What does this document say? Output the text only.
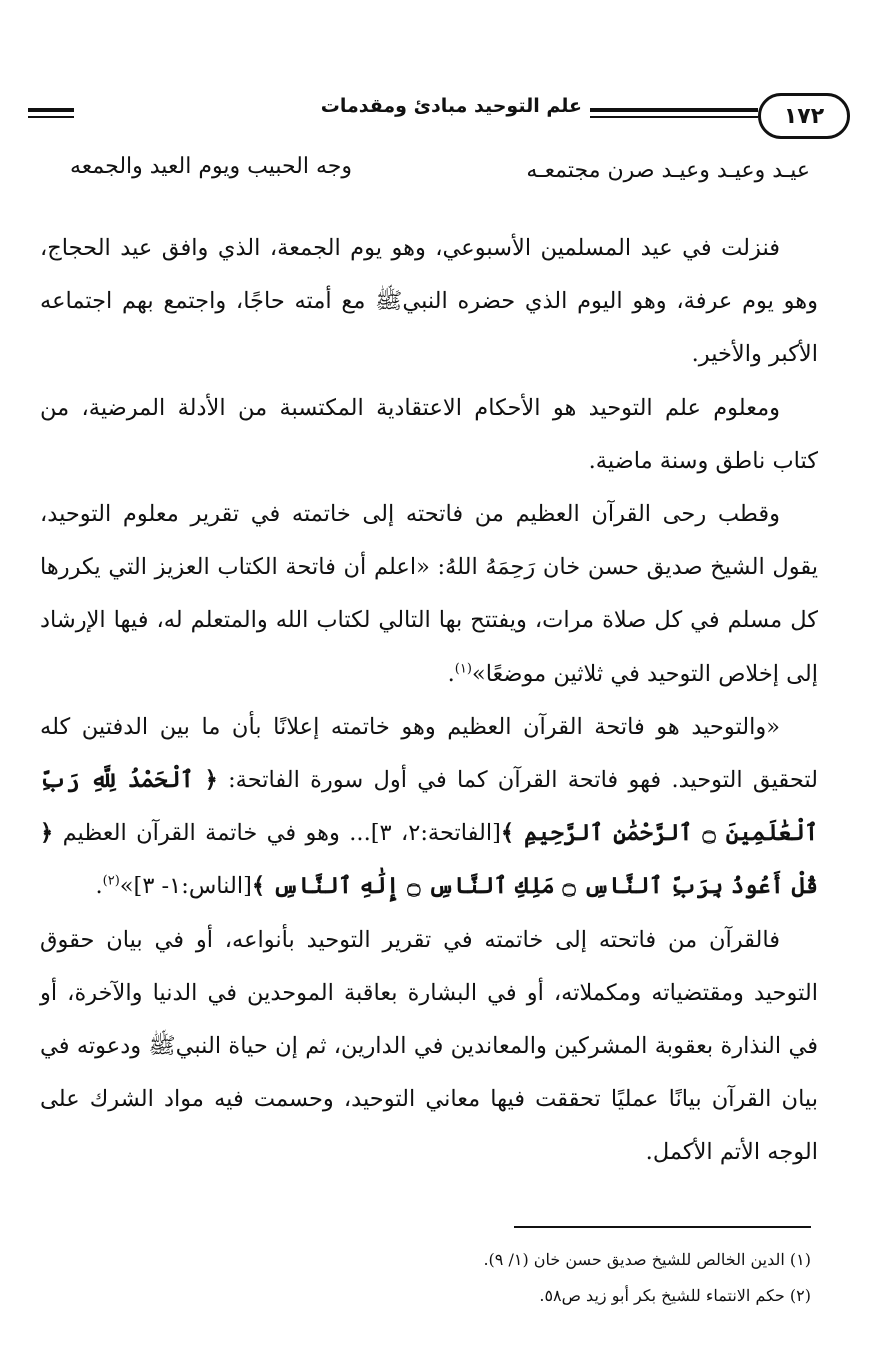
١٧٢
علم التوحيد مبادئ ومقدمات
عيـد وعيـد وعيـد صرن مجتمعـه
وجه الحبيب ويوم العيد والجمعه

فنزلت في عيد المسلمين الأسبوعي، وهو يوم الجمعة، الذي وافق عيد الحجاج، وهو يوم عرفة، وهو اليوم الذي حضره النبيﷺ مع أمته حاجًا، واجتمع بهم اجتماعه الأكبر والأخير.

ومعلوم علم التوحيد هو الأحكام الاعتقادية المكتسبة من الأدلة المرضية، من كتاب ناطق وسنة ماضية.

وقطب رحى القرآن العظيم من فاتحته إلى خاتمته في تقرير معلوم التوحيد، يقول الشيخ صديق حسن خان رَحِمَهُ اللهُ: «اعلم أن فاتحة الكتاب العزيز التي يكررها كل مسلم في كل صلاة مرات، ويفتتح بها التالي لكتاب الله والمتعلم له، فيها الإرشاد إلى إخلاص التوحيد في ثلاثين موضعًا»$^{(١)}$.

«والتوحيد هو فاتحة القرآن العظيم وهو خاتمته إعلانًا بأن ما بين الدفتين كله لتحقيق التوحيد. فهو فاتحة القرآن كما في أول سورة الفاتحة: ﴿ ٱلْحَمْدُ لِلَّهِ رَبِّ ٱلْعَٰلَمِينَ ۝ ٱلرَّحْمَٰنِ ٱلرَّحِيمِ ﴾[الفاتحة:٢، ٣]... وهو في خاتمة القرآن العظيم ﴿ قُلْ أَعُوذُ بِرَبِّ ٱلنَّاسِ ۝ مَلِكِ ٱلنَّاسِ ۝ إِلَٰهِ ٱلنَّاسِ ﴾[الناس:١- ٣]»$^{(٢)}$.

فالقرآن من فاتحته إلى خاتمته في تقرير التوحيد بأنواعه، أو في بيان حقوق التوحيد ومقتضياته ومكملاته، أو في البشارة بعاقبة الموحدين في الدنيا والآخرة، أو في النذارة بعقوبة المشركين والمعاندين في الدارين، ثم إن حياة النبيﷺ ودعوته في بيان القرآن بيانًا عمليًا تحققت فيها معاني التوحيد، وحسمت فيه مواد الشرك على الوجه الأتم الأكمل.

(١) الدين الخالص للشيخ صديق حسن خان (١/ ٩).
(٢) حكم الانتماء للشيخ بكر أبو زيد ص٥٨.
